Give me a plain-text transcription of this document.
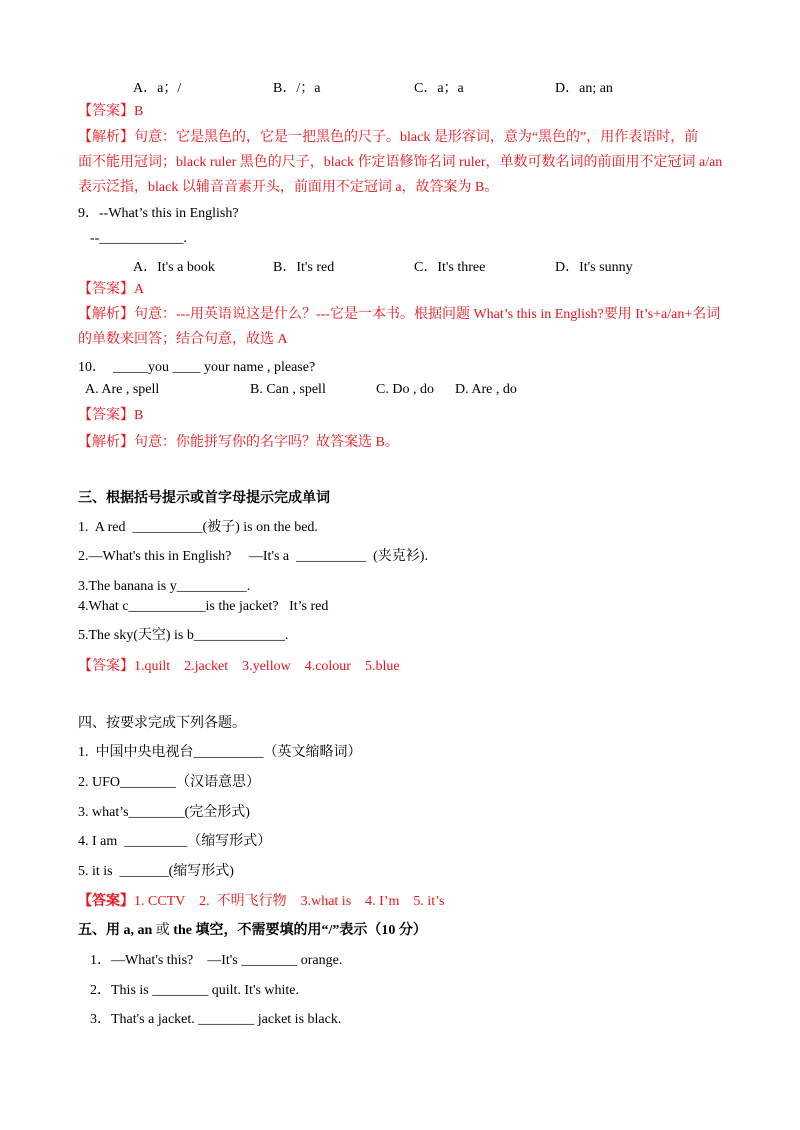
A．a；/	B．/；a	C．a；a	D．an; an
【答案】B
【解析】句意：它是黑色的，它是一把黑色的尺子。black 是形容词，意为“黑色的”，用作表语时，前
面不能用冠词；black ruler 黑色的尺子，black 作定语修饰名词 ruler，单数可数名词的前面用不定冠词 a/an
表示泛指，black 以辅音音素开头，前面用不定冠词 a，故答案为 B。
9．--What’s this in English?
--____________.
A．It's a book	B．It's red	C．It's three	D．It's sunny
【答案】A
【解析】句意：---用英语说这是什么？---它是一本书。根据问题 What’s this in English?要用 It’s+a/an+名词
的单数来回答；结合句意，故选 A
10．  _____you ____ your name , please?
A. Are , spell	B. Can , spell	C. Do , do D. Are , do
【答案】B
【解析】句意：你能拼写你的名字吗？故答案选 B。
三、根据括号提示或首字母提示完成单词
1.  A red  __________(被子) is on the bed.
2.—What's this in English?     —It's a  __________  (夹克衫).
3.The banana is y__________.
4.What c___________is the jacket?   It’s red
5.The sky(天空) is b_____________.
【答案】1.quilt    2.jacket    3.yellow    4.colour    5.blue
四、按要求完成下列各题。
1.  中国中央电视台__________（英文缩略词）
2. UFO________（汉语意思）
3. what’s________(完全形式)
4. I am  _________（缩写形式）
5. it is  _______(缩写形式)
【答案】1. CCTV    2.  不明飞行物    3.what is    4. I’m    5. it’s
五、用 a, an 或 the 填空，不需要填的用“/”表示（10 分）
1．—What's this?    —It's ________ orange.
2．This is ________ quilt. It's white.
3．That's a jacket. ________ jacket is black.
